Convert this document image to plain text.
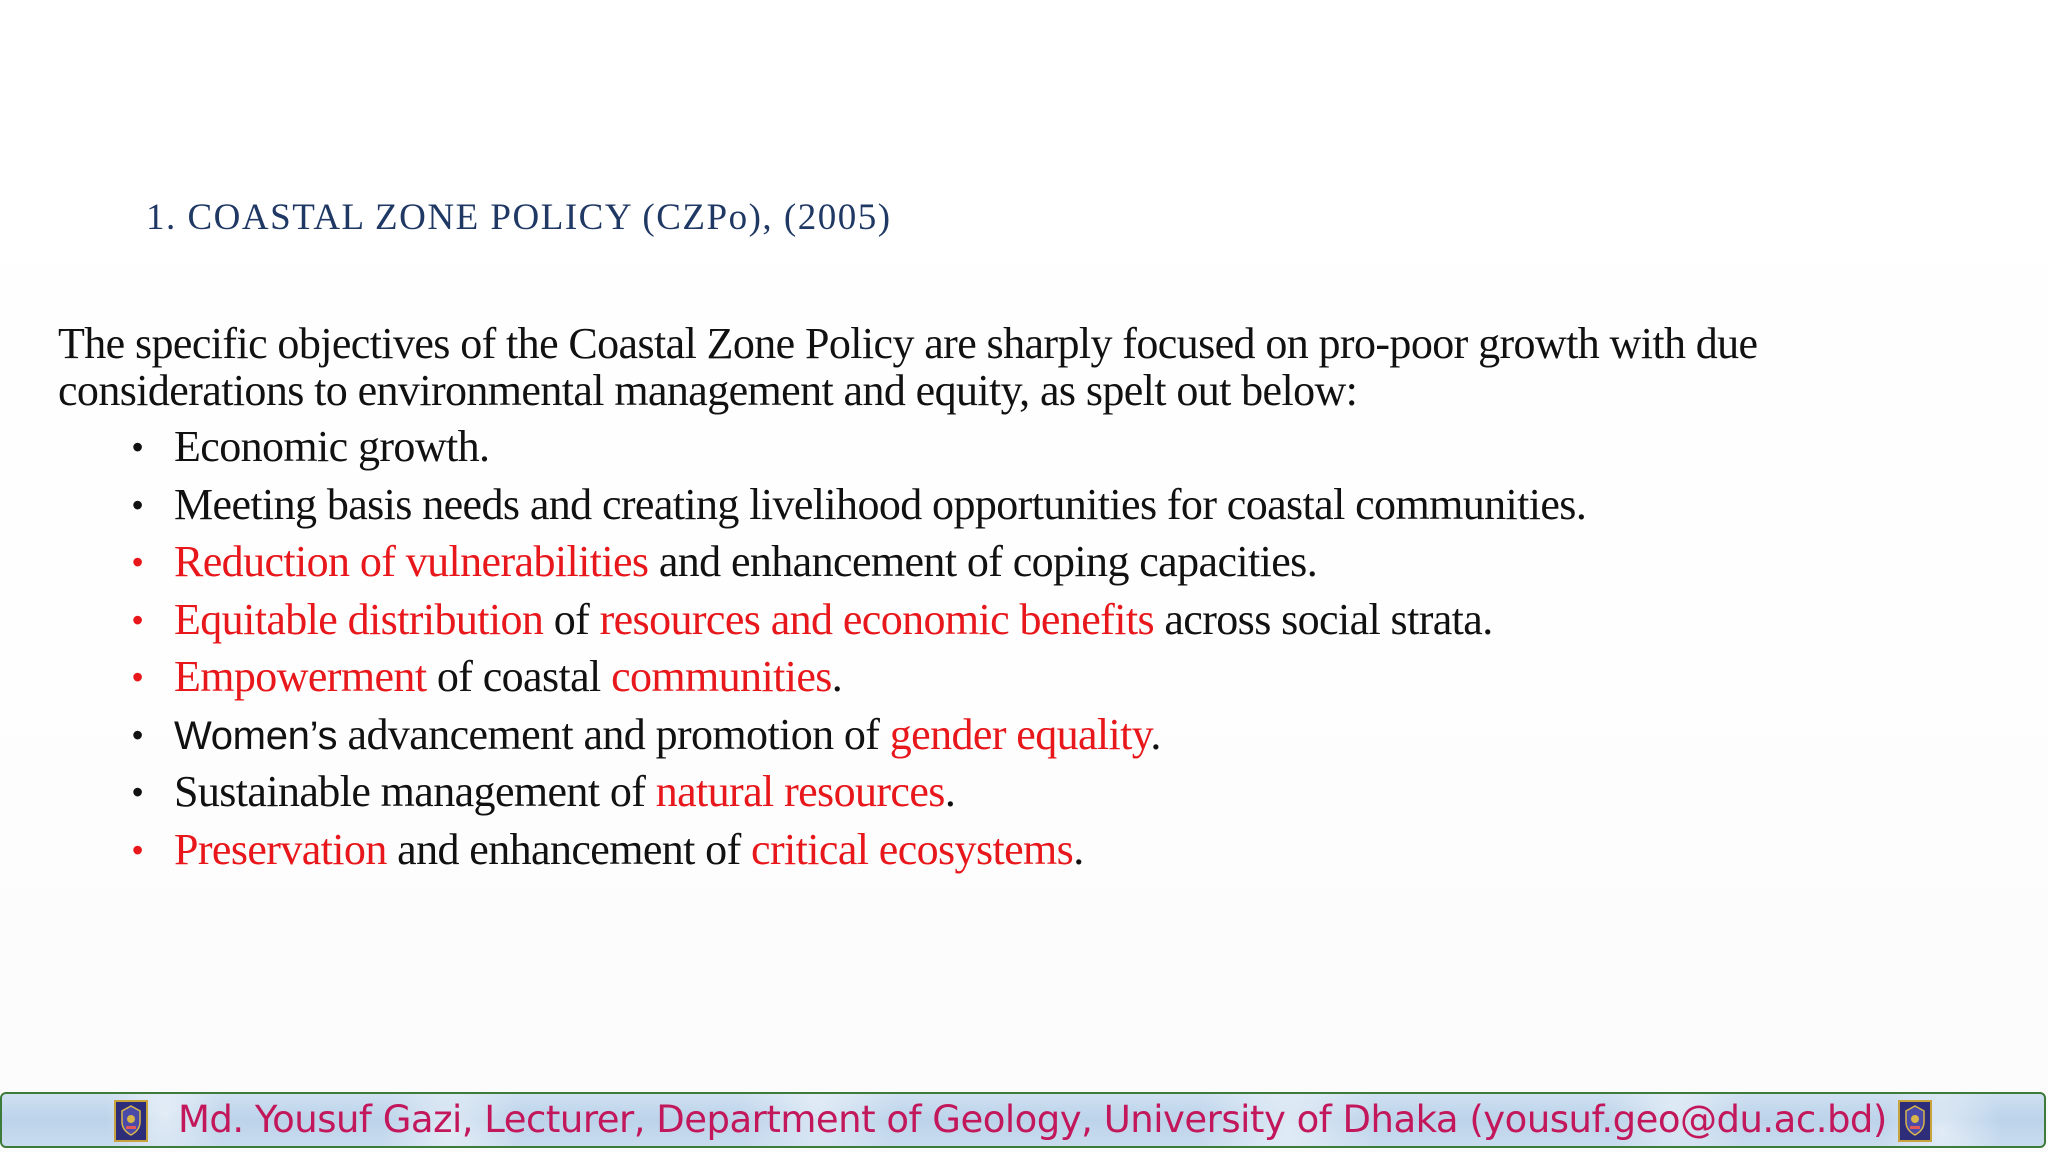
1. COASTAL ZONE POLICY (CZPo), (2005)
The specific objectives of the Coastal Zone Policy are sharply focused on pro-poor growth with due
considerations to environmental management and equity, as spelt out below:
• Economic growth.
• Meeting basis needs and creating livelihood opportunities for coastal communities.
• Reduction of vulnerabilities and enhancement of coping capacities.
• Equitable distribution of resources and economic benefits across social strata.
• Empowerment of coastal communities.
• Women’s advancement and promotion of gender equality.
• Sustainable management of natural resources.
• Preservation and enhancement of critical ecosystems.
Md. Yousuf Gazi, Lecturer, Department of Geology, University of Dhaka (yousuf.geo@du.ac.bd)
